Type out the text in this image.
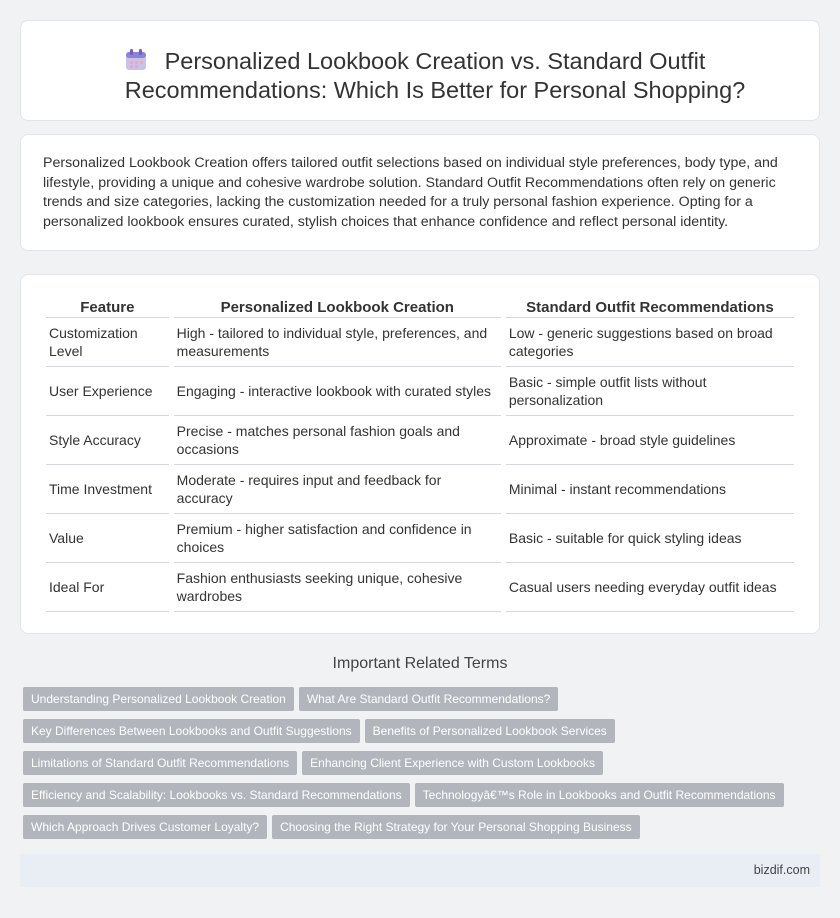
Personalized Lookbook Creation vs. Standard Outfit Recommendations: Which Is Better for Personal Shopping?

Personalized Lookbook Creation offers tailored outfit selections based on individual style preferences, body type, and lifestyle, providing a unique and cohesive wardrobe solution. Standard Outfit Recommendations often rely on generic trends and size categories, lacking the customization needed for a truly personal fashion experience. Opting for a personalized lookbook ensures curated, stylish choices that enhance confidence and reflect personal identity.

Feature	Personalized Lookbook Creation	Standard Outfit Recommendations
Customization Level	High - tailored to individual style, preferences, and measurements	Low - generic suggestions based on broad categories
User Experience	Engaging - interactive lookbook with curated styles	Basic - simple outfit lists without personalization
Style Accuracy	Precise - matches personal fashion goals and occasions	Approximate - broad style guidelines
Time Investment	Moderate - requires input and feedback for accuracy	Minimal - instant recommendations
Value	Premium - higher satisfaction and confidence in choices	Basic - suitable for quick styling ideas
Ideal For	Fashion enthusiasts seeking unique, cohesive wardrobes	Casual users needing everyday outfit ideas
Important Related Terms
Understanding Personalized Lookbook Creation What Are Standard Outfit Recommendations?
Key Differences Between Lookbooks and Outfit Suggestions Benefits of Personalized Lookbook Services
Limitations of Standard Outfit Recommendations Enhancing Client Experience with Custom Lookbooks
Efficiency and Scalability: Lookbooks vs. Standard Recommendations Technologyâ€™s Role in Lookbooks and Outfit Recommendations
Which Approach Drives Customer Loyalty? Choosing the Right Strategy for Your Personal Shopping Business
bizdif.com
